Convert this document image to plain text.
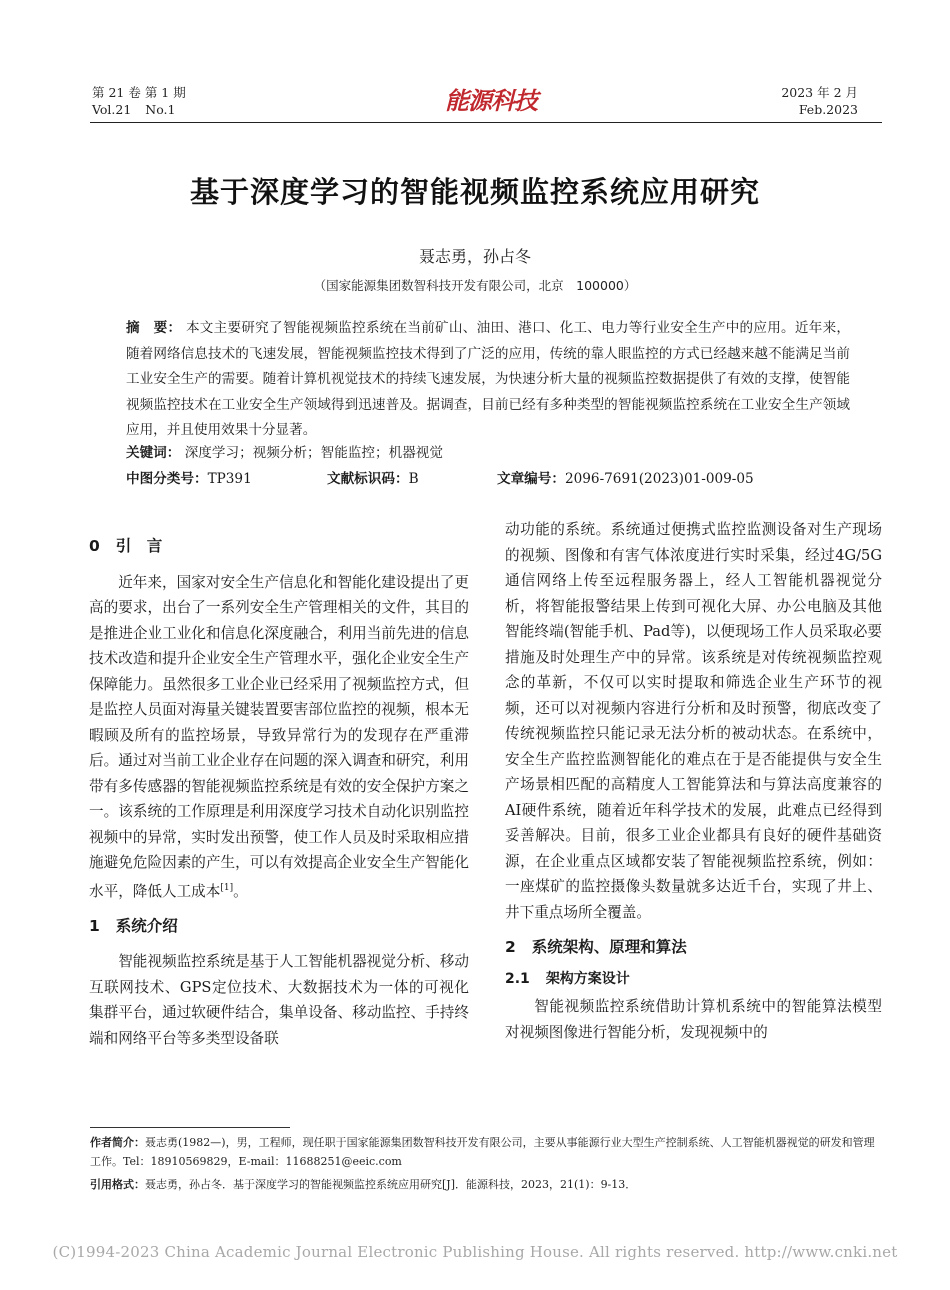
第 21 卷 第 1 期
Vol.21 No.1	能源科技	2023 年 2 月
Feb.2023
基于深度学习的智能视频监控系统应用研究
聂志勇，孙占冬
（国家能源集团数智科技开发有限公司，北京　100000）
摘　要： 本文主要研究了智能视频监控系统在当前矿山、油田、港口、化工、电力等行业安全生产中的应用。近年来，随着网络信息技术的飞速发展，智能视频监控技术得到了广泛的应用，传统的靠人眼监控的方式已经越来越不能满足当前工业安全生产的需要。随着计算机视觉技术的持续飞速发展，为快速分析大量的视频监控数据提供了有效的支撑，使智能视频监控技术在工业安全生产领域得到迅速普及。据调查，目前已经有多种类型的智能视频监控系统在工业安全生产领域应用，并且使用效果十分显著。
关键词： 深度学习；视频分析；智能监控；机器视觉
中图分类号：TP391	文献标识码：B	文章编号：2096-7691(2023)01-009-05
0 引　言

近年来，国家对安全生产信息化和智能化建设提出了更高的要求，出台了一系列安全生产管理相关的文件，其目的是推进企业工业化和信息化深度融合，利用当前先进的信息技术改造和提升企业安全生产管理水平，强化企业安全生产保障能力。虽然很多工业企业已经采用了视频监控方式，但是监控人员面对海量关键装置要害部位监控的视频，根本无暇顾及所有的监控场景，导致异常行为的发现存在严重滞后。通过对当前工业企业存在问题的深入调查和研究，利用带有多传感器的智能视频监控系统是有效的安全保护方案之一。该系统的工作原理是利用深度学习技术自动化识别监控视频中的异常，实时发出预警，使工作人员及时采取相应措施避免危险因素的产生，可以有效提高企业安全生产智能化水平，降低人工成本[1]。

1 系统介绍

智能视频监控系统是基于人工智能机器视觉分析、移动互联网技术、GPS定位技术、大数据技术为一体的可视化集群平台，通过软硬件结合，集单设备、移动监控、手持终端和网络平台等多类型设备联

动功能的系统。系统通过便携式监控监测设备对生产现场的视频、图像和有害气体浓度进行实时采集，经过4G/5G通信网络上传至远程服务器上，经人工智能机器视觉分析，将智能报警结果上传到可视化大屏、办公电脑及其他智能终端(智能手机、Pad等)，以便现场工作人员采取必要措施及时处理生产中的异常。该系统是对传统视频监控观念的革新，不仅可以实时提取和筛选企业生产环节的视频，还可以对视频内容进行分析和及时预警，彻底改变了传统视频监控只能记录无法分析的被动状态。在系统中，安全生产监控监测智能化的难点在于是否能提供与安全生产场景相匹配的高精度人工智能算法和与算法高度兼容的AI硬件系统，随着近年科学技术的发展，此难点已经得到妥善解决。目前，很多工业企业都具有良好的硬件基础资源，在企业重点区域都安装了智能视频监控系统，例如：一座煤矿的监控摄像头数量就多达近千台，实现了井上、井下重点场所全覆盖。

2 系统架构、原理和算法
2.1 架构方案设计

智能视频监控系统借助计算机系统中的智能算法模型对视频图像进行智能分析，发现视频中的

作者简介：聂志勇(1982—)，男，工程师，现任职于国家能源集团数智科技开发有限公司，主要从事能源行业大型生产控制系统、人工智能机器视觉的研发和管理工作。Tel：18910569829，E-mail：11688251@eeic.com
引用格式：聂志勇，孙占冬．基于深度学习的智能视频监控系统应用研究[J]．能源科技，2023，21(1)：9-13．
(C)1994-2023 China Academic Journal Electronic Publishing House. All rights reserved. http://www.cnki.net
